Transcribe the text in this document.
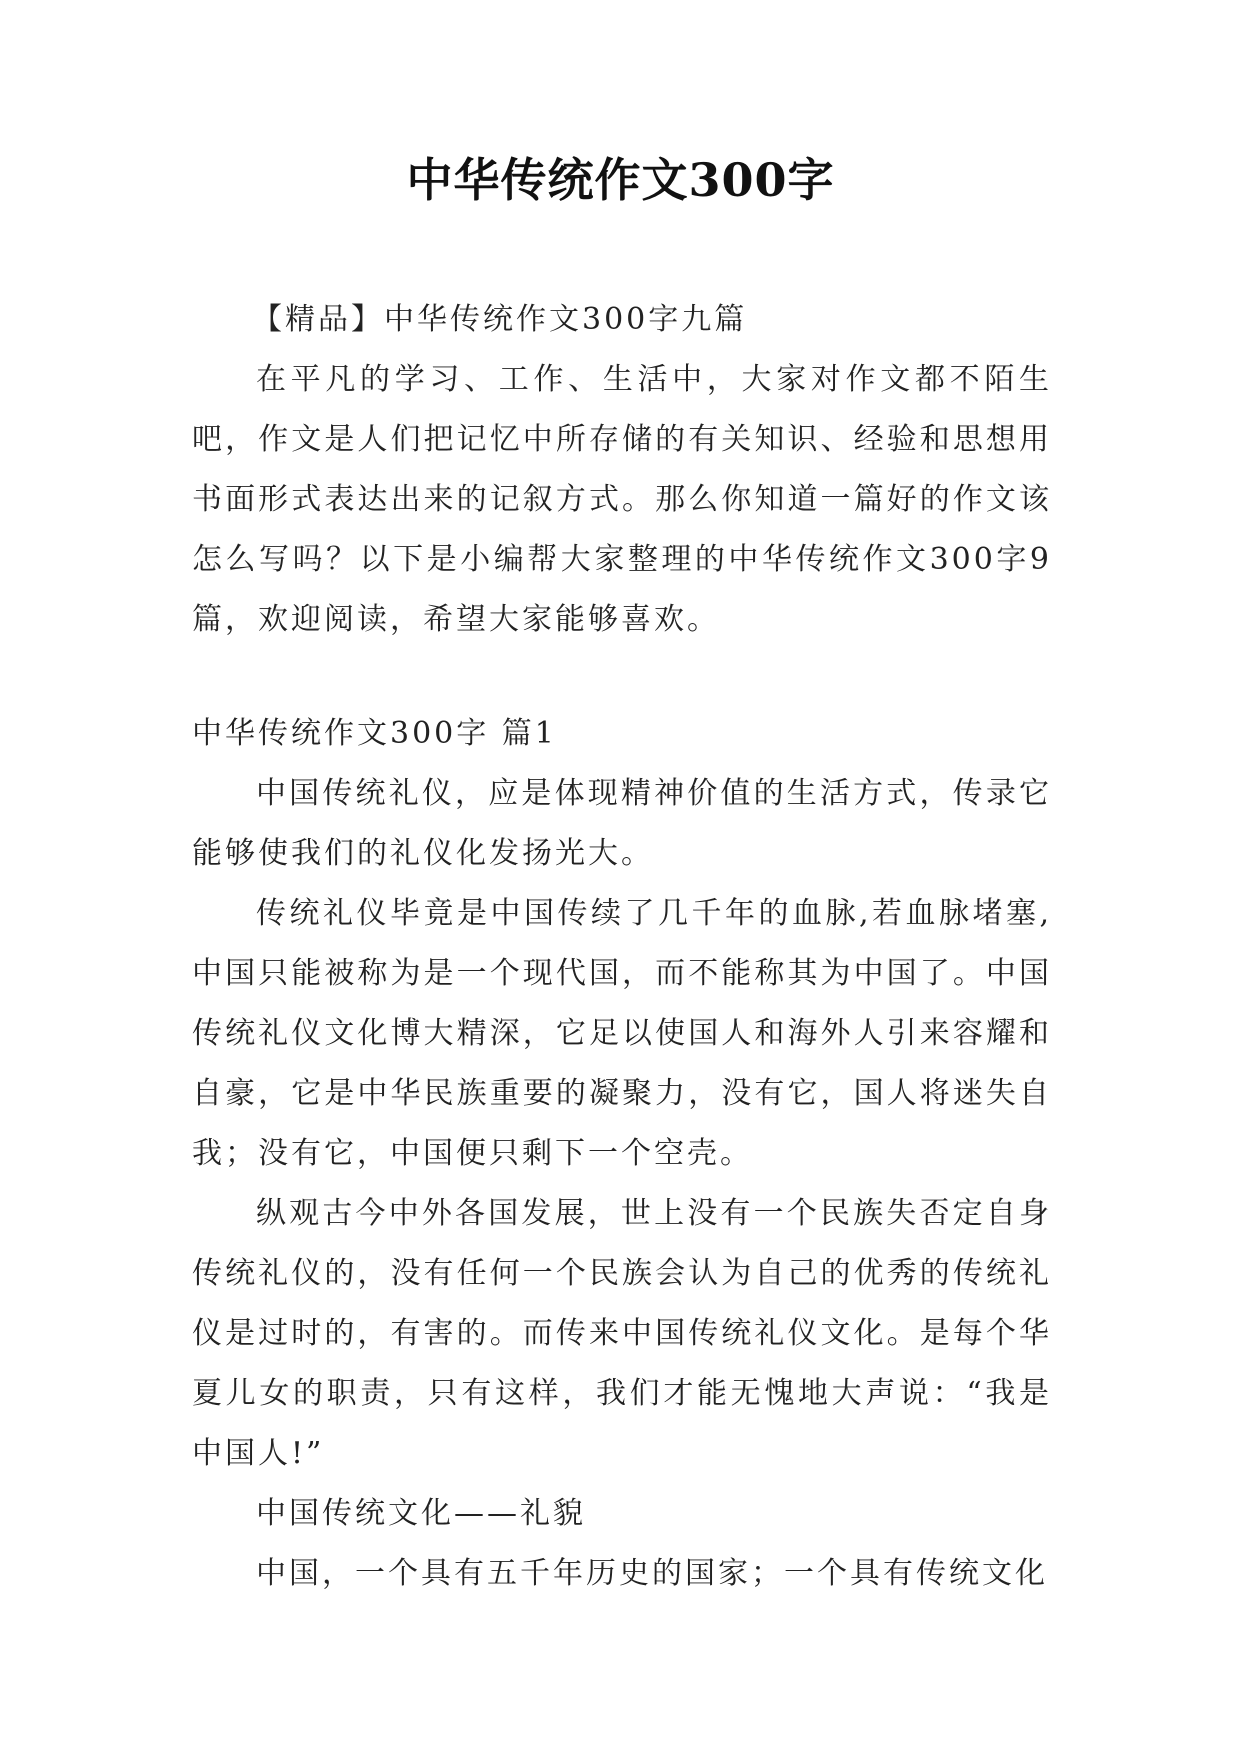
中华传统作文300字

【精品】中华传统作文300字九篇

在平凡的学习、工作、生活中，大家对作文都不陌生吧，作文是人们把记忆中所存储的有关知识、经验和思想用书面形式表达出来的记叙方式。那么你知道一篇好的作文该怎么写吗？以下是小编帮大家整理的中华传统作文300字9篇，欢迎阅读，希望大家能够喜欢。

中华传统作文300字 篇1

中国传统礼仪，应是体现精神价值的生活方式，传录它能够使我们的礼仪化发扬光大。

传统礼仪毕竟是中国传续了几千年的血脉,若血脉堵塞,中国只能被称为是一个现代国，而不能称其为中国了。中国传统礼仪文化博大精深，它足以使国人和海外人引来容耀和自豪，它是中华民族重要的凝聚力，没有它，国人将迷失自我；没有它，中国便只剩下一个空壳。

纵观古今中外各国发展，世上没有一个民族失否定自身传统礼仪的，没有任何一个民族会认为自己的优秀的传统礼仪是过时的，有害的。而传来中国传统礼仪文化。是每个华夏儿女的职责，只有这样，我们才能无愧地大声说：“我是中国人!”

中国传统文化——礼貌

中国，一个具有五千年历史的国家；一个具有传统文化
